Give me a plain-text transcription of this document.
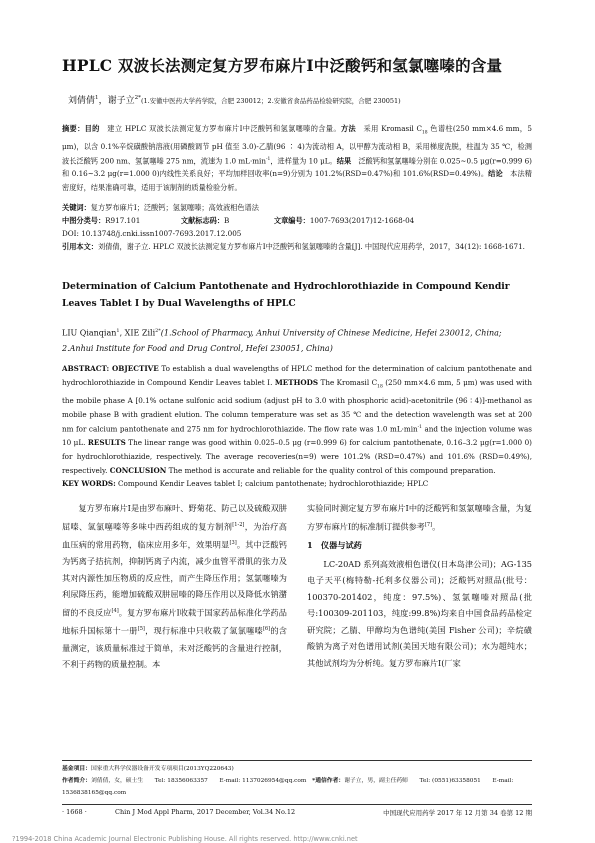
HPLC 双波长法测定复方罗布麻片Ⅰ中泛酸钙和氢氯噻嗪的含量
刘倩倩$^1$，谢子立$^{2*}$(1.安徽中医药大学药学院，合肥 230012；2.安徽省食品药品检验研究院，合肥 230051)
摘要：目的　 建立 HPLC 双波长法测定复方罗布麻片Ⅰ中泛酸钙和氢氯噻嗪的含量。方法　 采用 Kromasil $C_{18}$ 色谱柱(250 mm×4.6 mm，5 μm)，以含 0.1%辛烷磺酸钠溶液(用磷酸调节 pH 值至 3.0)-乙腈(96 ∶ 4)为流动相 A，以甲醇为流动相 B，采用梯度洗脱，柱温为 35 ℃，检测波长泛酸钙 200 nm、氢氯噻嗪 275 nm，流速为 1.0 $mL\cdot\min^{-1}$，进样量为 10 μL。结果　 泛酸钙和氢氯噻嗪分别在 0.025~0.5 μg(r=0.999 6)和 0.16~3.2 μg(r=1.000 0)内线性关系良好；平均加样回收率(n=9)分别为 101.2%(RSD=0.47%)和 101.6%(RSD=0.49%)。结论　 本法精密度好，结果准确可靠，适用于该制剂的质量检验分析。
关键词：复方罗布麻片Ⅰ；泛酸钙；氢氯噻嗪；高效液相色谱法
中图分类号：R917.101	文献标志码：B	文章编号：1007-7693(2017)12-1668-04
DOI: 10.13748/j.cnki.issn1007-7693.2017.12.005
引用本文：刘倩倩，谢子立. HPLC 双波长法测定复方罗布麻片Ⅰ中泛酸钙和氢氯噻嗪的含量[J]. 中国现代应用药学，2017，34(12): 1668-1671.
Determination of Calcium Pantothenate and Hydrochlorothiazide in Compound Kendir Leaves Tablet Ⅰ by Dual Wavelengths of HPLC
LIU Qianqian$^1$, XIE Zili$^{2*}$(1.School of Pharmacy, Anhui University of Chinese Medicine, Hefei 230012, China; 2.Anhui Institute for Food and Drug Control, Hefei 230051, China)
ABSTRACT: OBJECTIVE To establish a dual wavelengths of HPLC method for the determination of calcium pantothenate and hydrochlorothiazide in Compound Kendir Leaves tablet Ⅰ. METHODS The Kromasil $C_{18}$ (250 mm×4.6 mm, 5 μm) was used with the mobile phase A [0.1% octane sulfonic acid sodium (adjust pH to 3.0 with phosphoric acid)-acetonitrile (96 ∶ 4)]-methanol as mobile phase B with gradient elution. The column temperature was set as 35 ℃ and the detection wavelength was set at 200 nm for calcium pantothenate and 275 nm for hydrochlorothiazide. The flow rate was 1.0 $mL\cdot\min^{-1}$ and the injection volume was 10 μL. RESULTS The linear range was good within 0.025–0.5 μg (r=0.999 6) for calcium pantothenate, 0.16–3.2 μg(r=1.000 0) for hydrochlorothiazide, respectively. The average recoveries(n=9) were 101.2% (RSD=0.47%) and 101.6% (RSD=0.49%), respectively. CONCLUSION The method is accurate and reliable for the quality control of this compound preparation.
KEY WORDS: Compound Kendir Leaves tablet Ⅰ; calcium pantothenate; hydrochlorothiazide; HPLC

复方罗布麻片Ⅰ是由罗布麻叶、野菊花、防己以及硫酸双肼屈嗪、氢氯噻嗪等多味中西药组成的复方制剂[1-2]，为治疗高血压病的常用药物，临床应用多年，效果明显[3]。其中泛酸钙为钙离子拮抗剂，抑制钙离子内流，减少血管平滑肌的张力及其对内源性加压物质的反应性，而产生降压作用；氢氯噻嗪为利尿降压药，能增加硫酸双肼屈嗪的降压作用以及降低水钠潴留的不良反应[4]。复方罗布麻片Ⅰ收载于国家药品标准化学药品地标升国标第十一册[5]，现行标准中只收载了氢氯噻嗪[6]的含量测定，该质量标准过于简单，未对泛酸钙的含量进行控制，不利于药物的质量控制。本

实验同时测定复方罗布麻片Ⅰ中的泛酸钙和氢氯噻嗪含量，为复方罗布麻片Ⅰ的标准制订提供参考[7]。

1　仪器与试药

LC-20AD 系列高效液相色谱仪(日本岛津公司)；AG-135 电子天平(梅特勒-托利多仪器公司)；泛酸钙对照品(批号：100370-201402，纯度：97.5%)、氢氯噻嗪对照品(批号:100309-201103，纯度:99.8%)均来自中国食品药品检定研究院；乙腈、甲醇均为色谱纯(美国 Fisher 公司)；辛烷磺酸钠为离子对色谱用试剂(美国天地有限公司)；水为超纯水；其他试剂均为分析纯。复方罗布麻片Ⅰ(厂家

基金项目：国家重大科学仪器设备开发专项项目(2013YQ220643)
作者简介：刘倩倩，女，硕士生　　Tel: 18356063357　　E-mail: 1137026954@qq.com　 *通信作者：谢子立，男，副主任药师　　Tel: (0551)63358051　　E-mail: 1536838165@qq.com
· 1668 ·	Chin J Mod Appl Pharm, 2017 December, Vol.34 No.12	中国现代应用药学 2017 年 12 月第 34 卷第 12 期
?1994-2018 China Academic Journal Electronic Publishing House. All rights reserved. http://www.cnki.net
